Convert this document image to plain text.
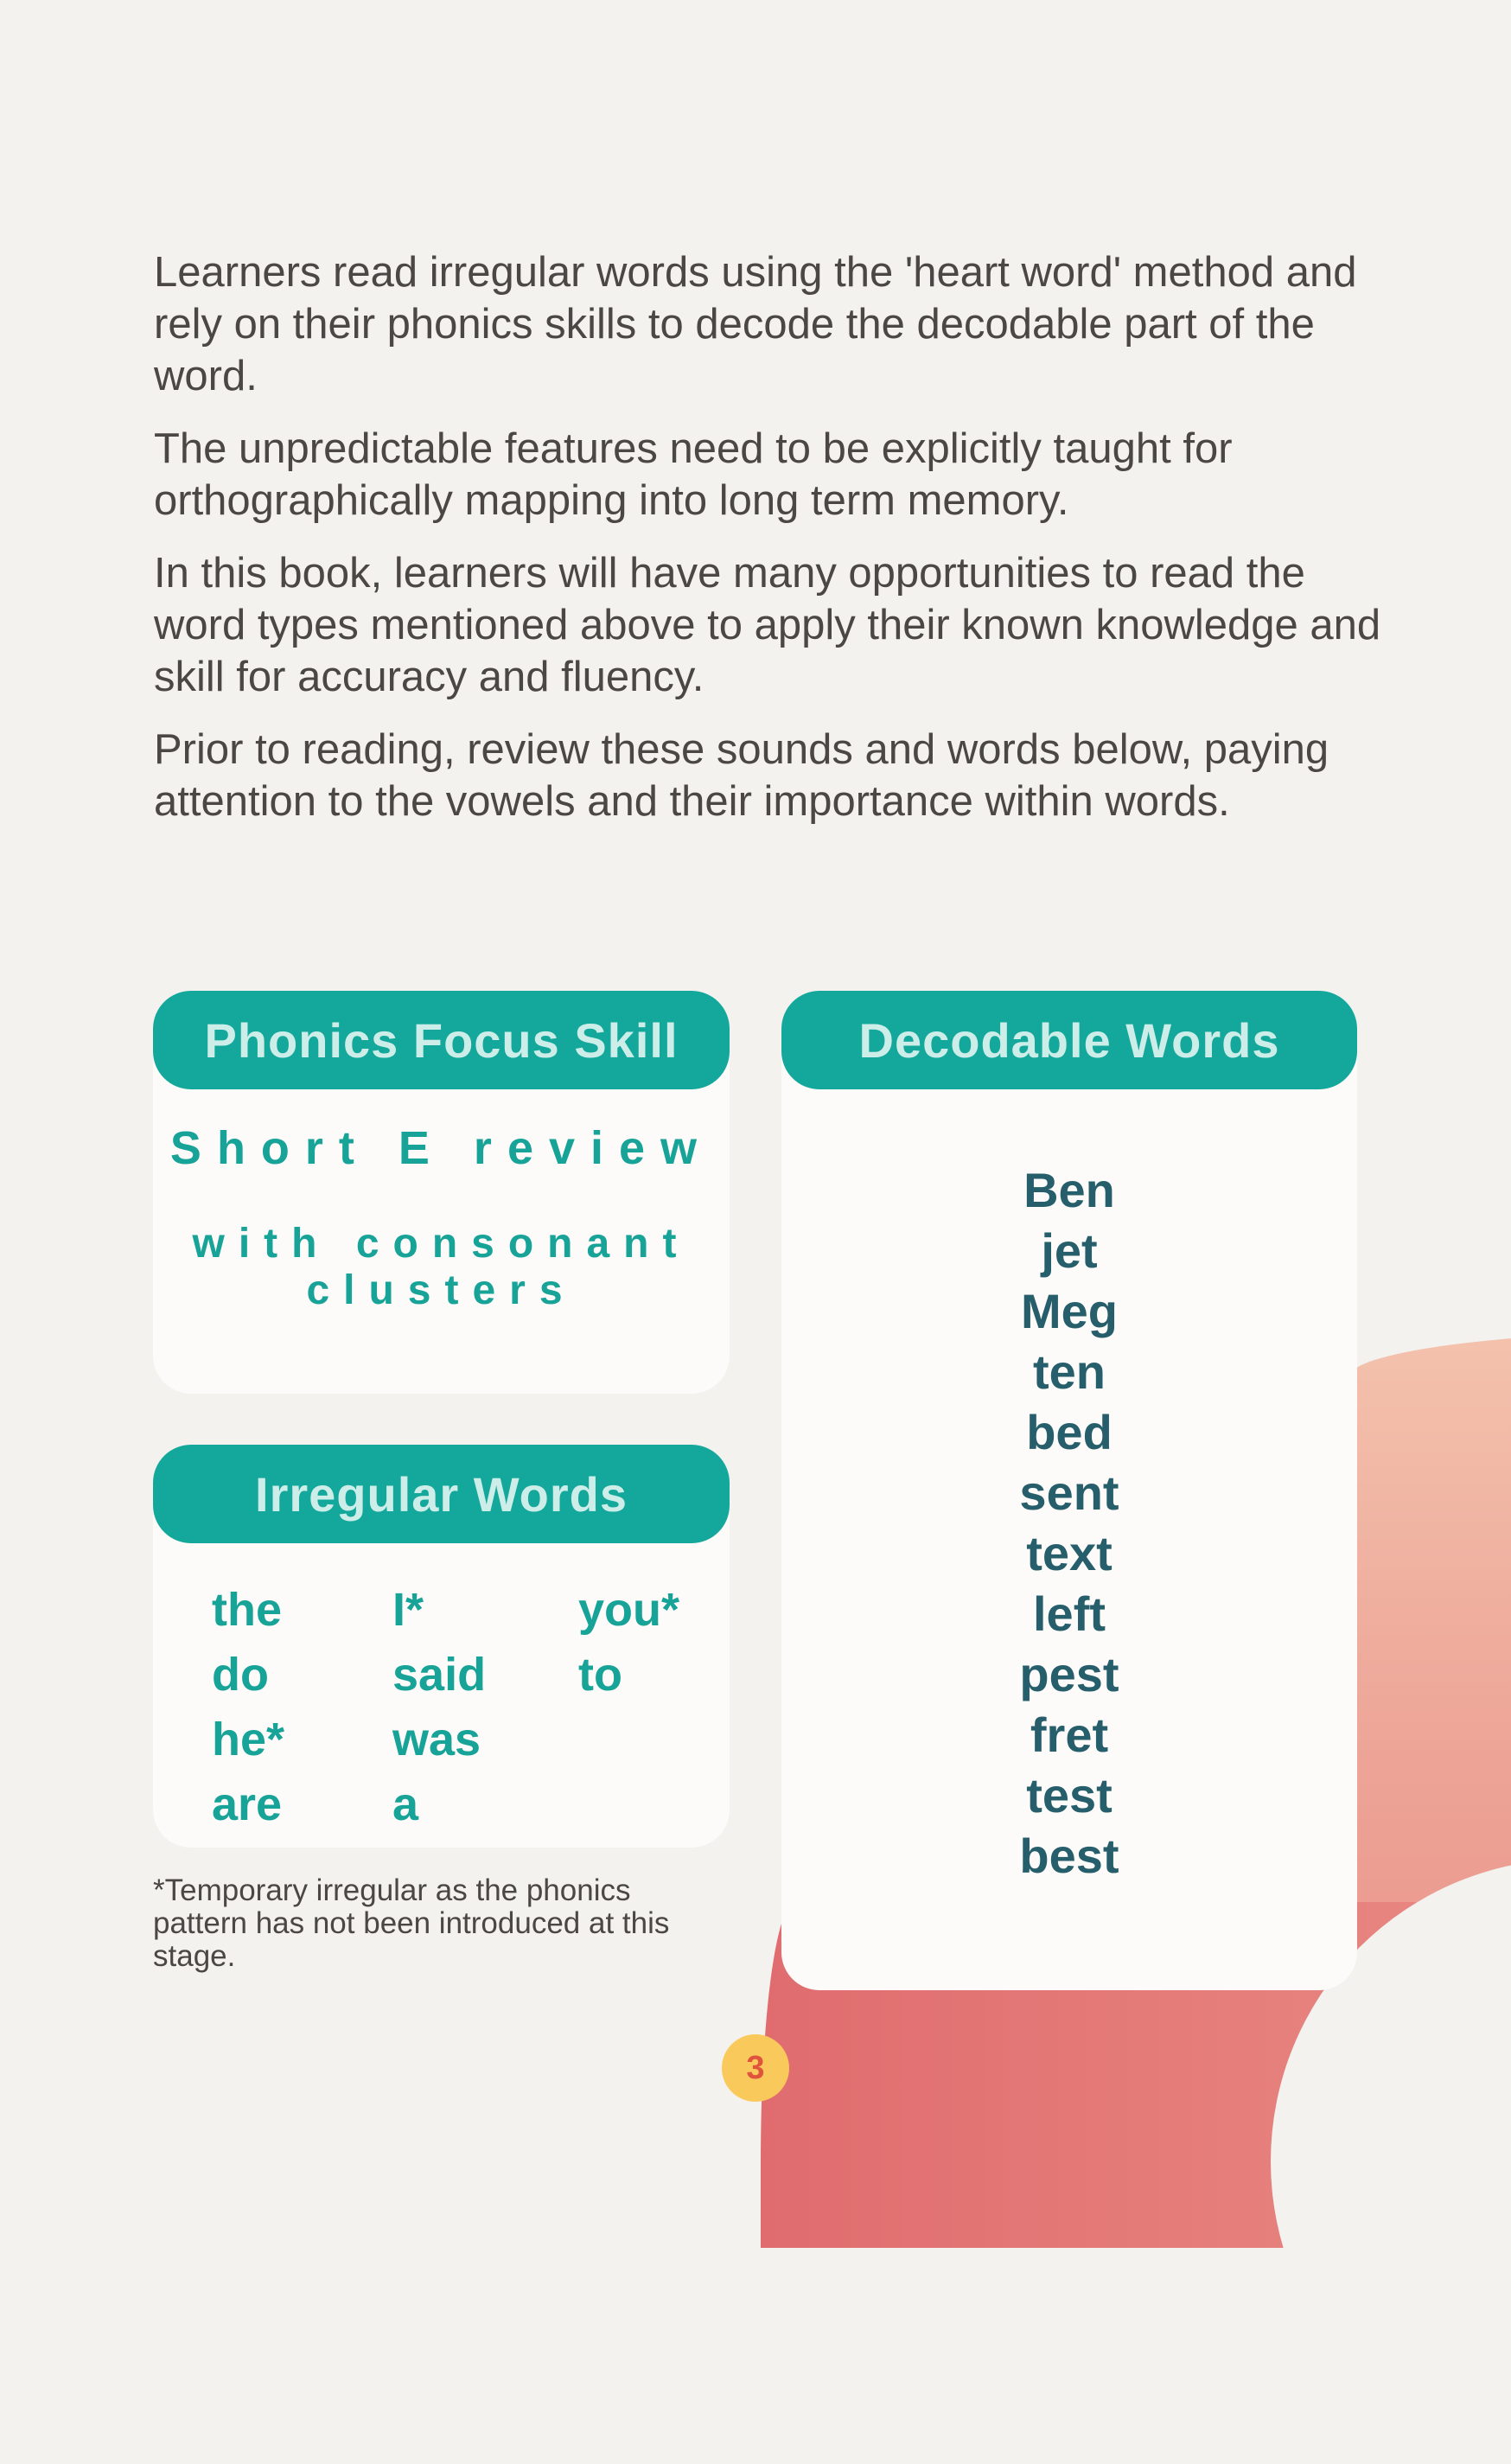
Learners read irregular words using the 'heart word' method and rely on their phonics skills to decode the decodable part of the word.

The unpredictable features need to be explicitly taught for orthographically mapping into long term memory.

In this book, learners will have many opportunities to read the word types mentioned above to apply their known knowledge and skill for accuracy and fluency.

Prior to reading, review these sounds and words below, paying attention to the vowels and their importance within words.

Phonics Focus Skill
Short E review
with consonant clusters
Irregular Words
the
do
he*
are
I*
said
was
a
you*
to
*Temporary irregular as the phonics pattern has not been introduced at this stage.
Decodable Words
Ben
jet
Meg
ten
bed
sent
text
left
pest
fret
test
best
3
